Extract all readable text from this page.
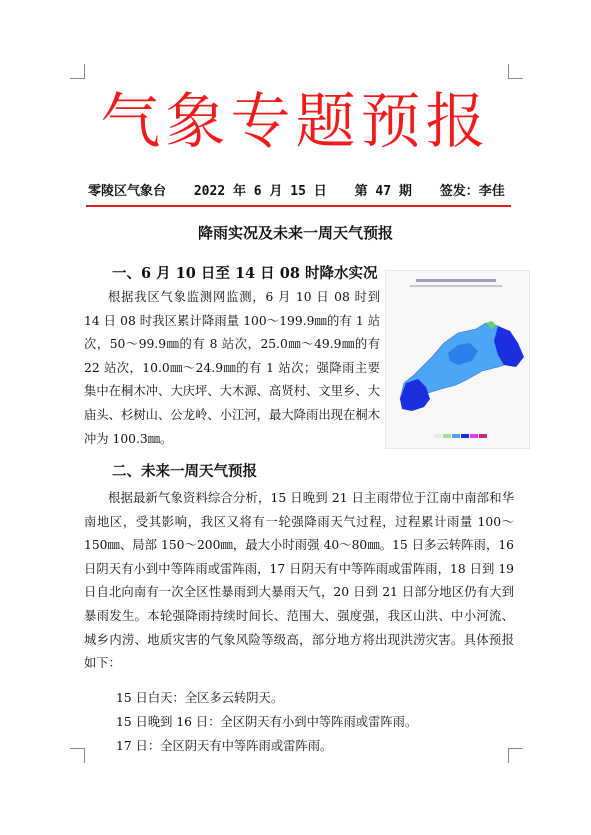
气象专题预报
零陵区气象台 2022 年 6 月 15 日 第 47 期 签发：李佳
降雨实况及未来一周天气预报
一、6 月 10 日至 14 日 08 时降水实况

根据我区气象监测网监测，6 月 10 日 08 时到 14 日 08 时我区累计降雨量 100～199.9㎜的有 1 站次，50～99.9㎜的有 8 站次，25.0㎜～49.9㎜的有 22 站次，10.0㎜～24.9㎜的有 1 站次；强降雨主要集中在桐木冲、大庆坪、大木源、高贤村、文里乡、大庙头、杉树山、公龙岭、小江河，最大降雨出现在桐木冲为 100.3㎜。

二、未来一周天气预报

根据最新气象资料综合分析，15 日晚到 21 日主雨带位于江南中南部和华南地区，受其影响，我区又将有一轮强降雨天气过程，过程累计雨量 100～150㎜、局部 150～200㎜，最大小时雨强 40～80㎜。15 日多云转阵雨，16 日阴天有小到中等阵雨或雷阵雨，17 日阴天有中等阵雨或雷阵雨，18 日到 19 日自北向南有一次全区性暴雨到大暴雨天气，20 日到 21 日部分地区仍有大到暴雨发生。本轮强降雨持续时间长、范围大、强度强，我区山洪、中小河流、城乡内涝、地质灾害的气象风险等级高，部分地方将出现洪涝灾害。具体预报如下：

15 日白天：全区多云转阴天。

15 日晚到 16 日：全区阴天有小到中等阵雨或雷阵雨。

17 日：全区阴天有中等阵雨或雷阵雨。
